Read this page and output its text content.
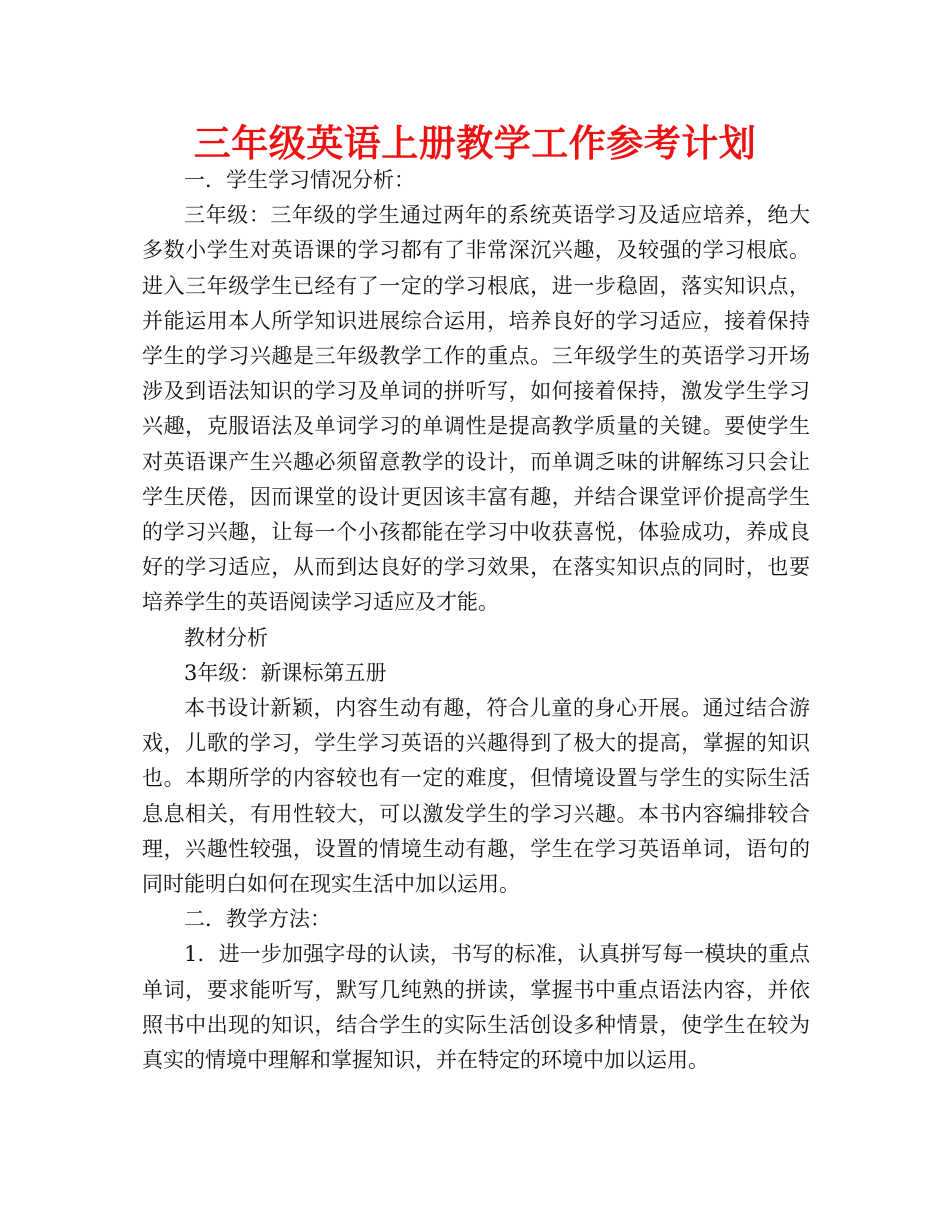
三年级英语上册教学工作参考计划

一．学生学习情况分析：

三年级：三年级的学生通过两年的系统英语学习及适应培养，绝大多数小学生对英语课的学习都有了非常深沉兴趣，及较强的学习根底。进入三年级学生已经有了一定的学习根底，进一步稳固，落实知识点，并能运用本人所学知识进展综合运用，培养良好的学习适应，接着保持学生的学习兴趣是三年级教学工作的重点。三年级学生的英语学习开场涉及到语法知识的学习及单词的拼听写，如何接着保持，激发学生学习兴趣，克服语法及单词学习的单调性是提高教学质量的关键。要使学生对英语课产生兴趣必须留意教学的设计，而单调乏味的讲解练习只会让学生厌倦，因而课堂的设计更因该丰富有趣，并结合课堂评价提高学生的学习兴趣，让每一个小孩都能在学习中收获喜悦，体验成功，养成良好的学习适应，从而到达良好的学习效果，在落实知识点的同时，也要培养学生的英语阅读学习适应及才能。

教材分析

3年级：新课标第五册

本书设计新颖，内容生动有趣，符合儿童的身心开展。通过结合游戏，儿歌的学习，学生学习英语的兴趣得到了极大的提高，掌握的知识也。本期所学的内容较也有一定的难度，但情境设置与学生的实际生活息息相关，有用性较大，可以激发学生的学习兴趣。本书内容编排较合理，兴趣性较强，设置的情境生动有趣，学生在学习英语单词，语句的同时能明白如何在现实生活中加以运用。

二．教学方法：

1．进一步加强字母的认读，书写的标准，认真拼写每一模块的重点单词，要求能听写，默写几纯熟的拼读，掌握书中重点语法内容，并依照书中出现的知识，结合学生的实际生活创设多种情景，使学生在较为真实的情境中理解和掌握知识，并在特定的环境中加以运用。
